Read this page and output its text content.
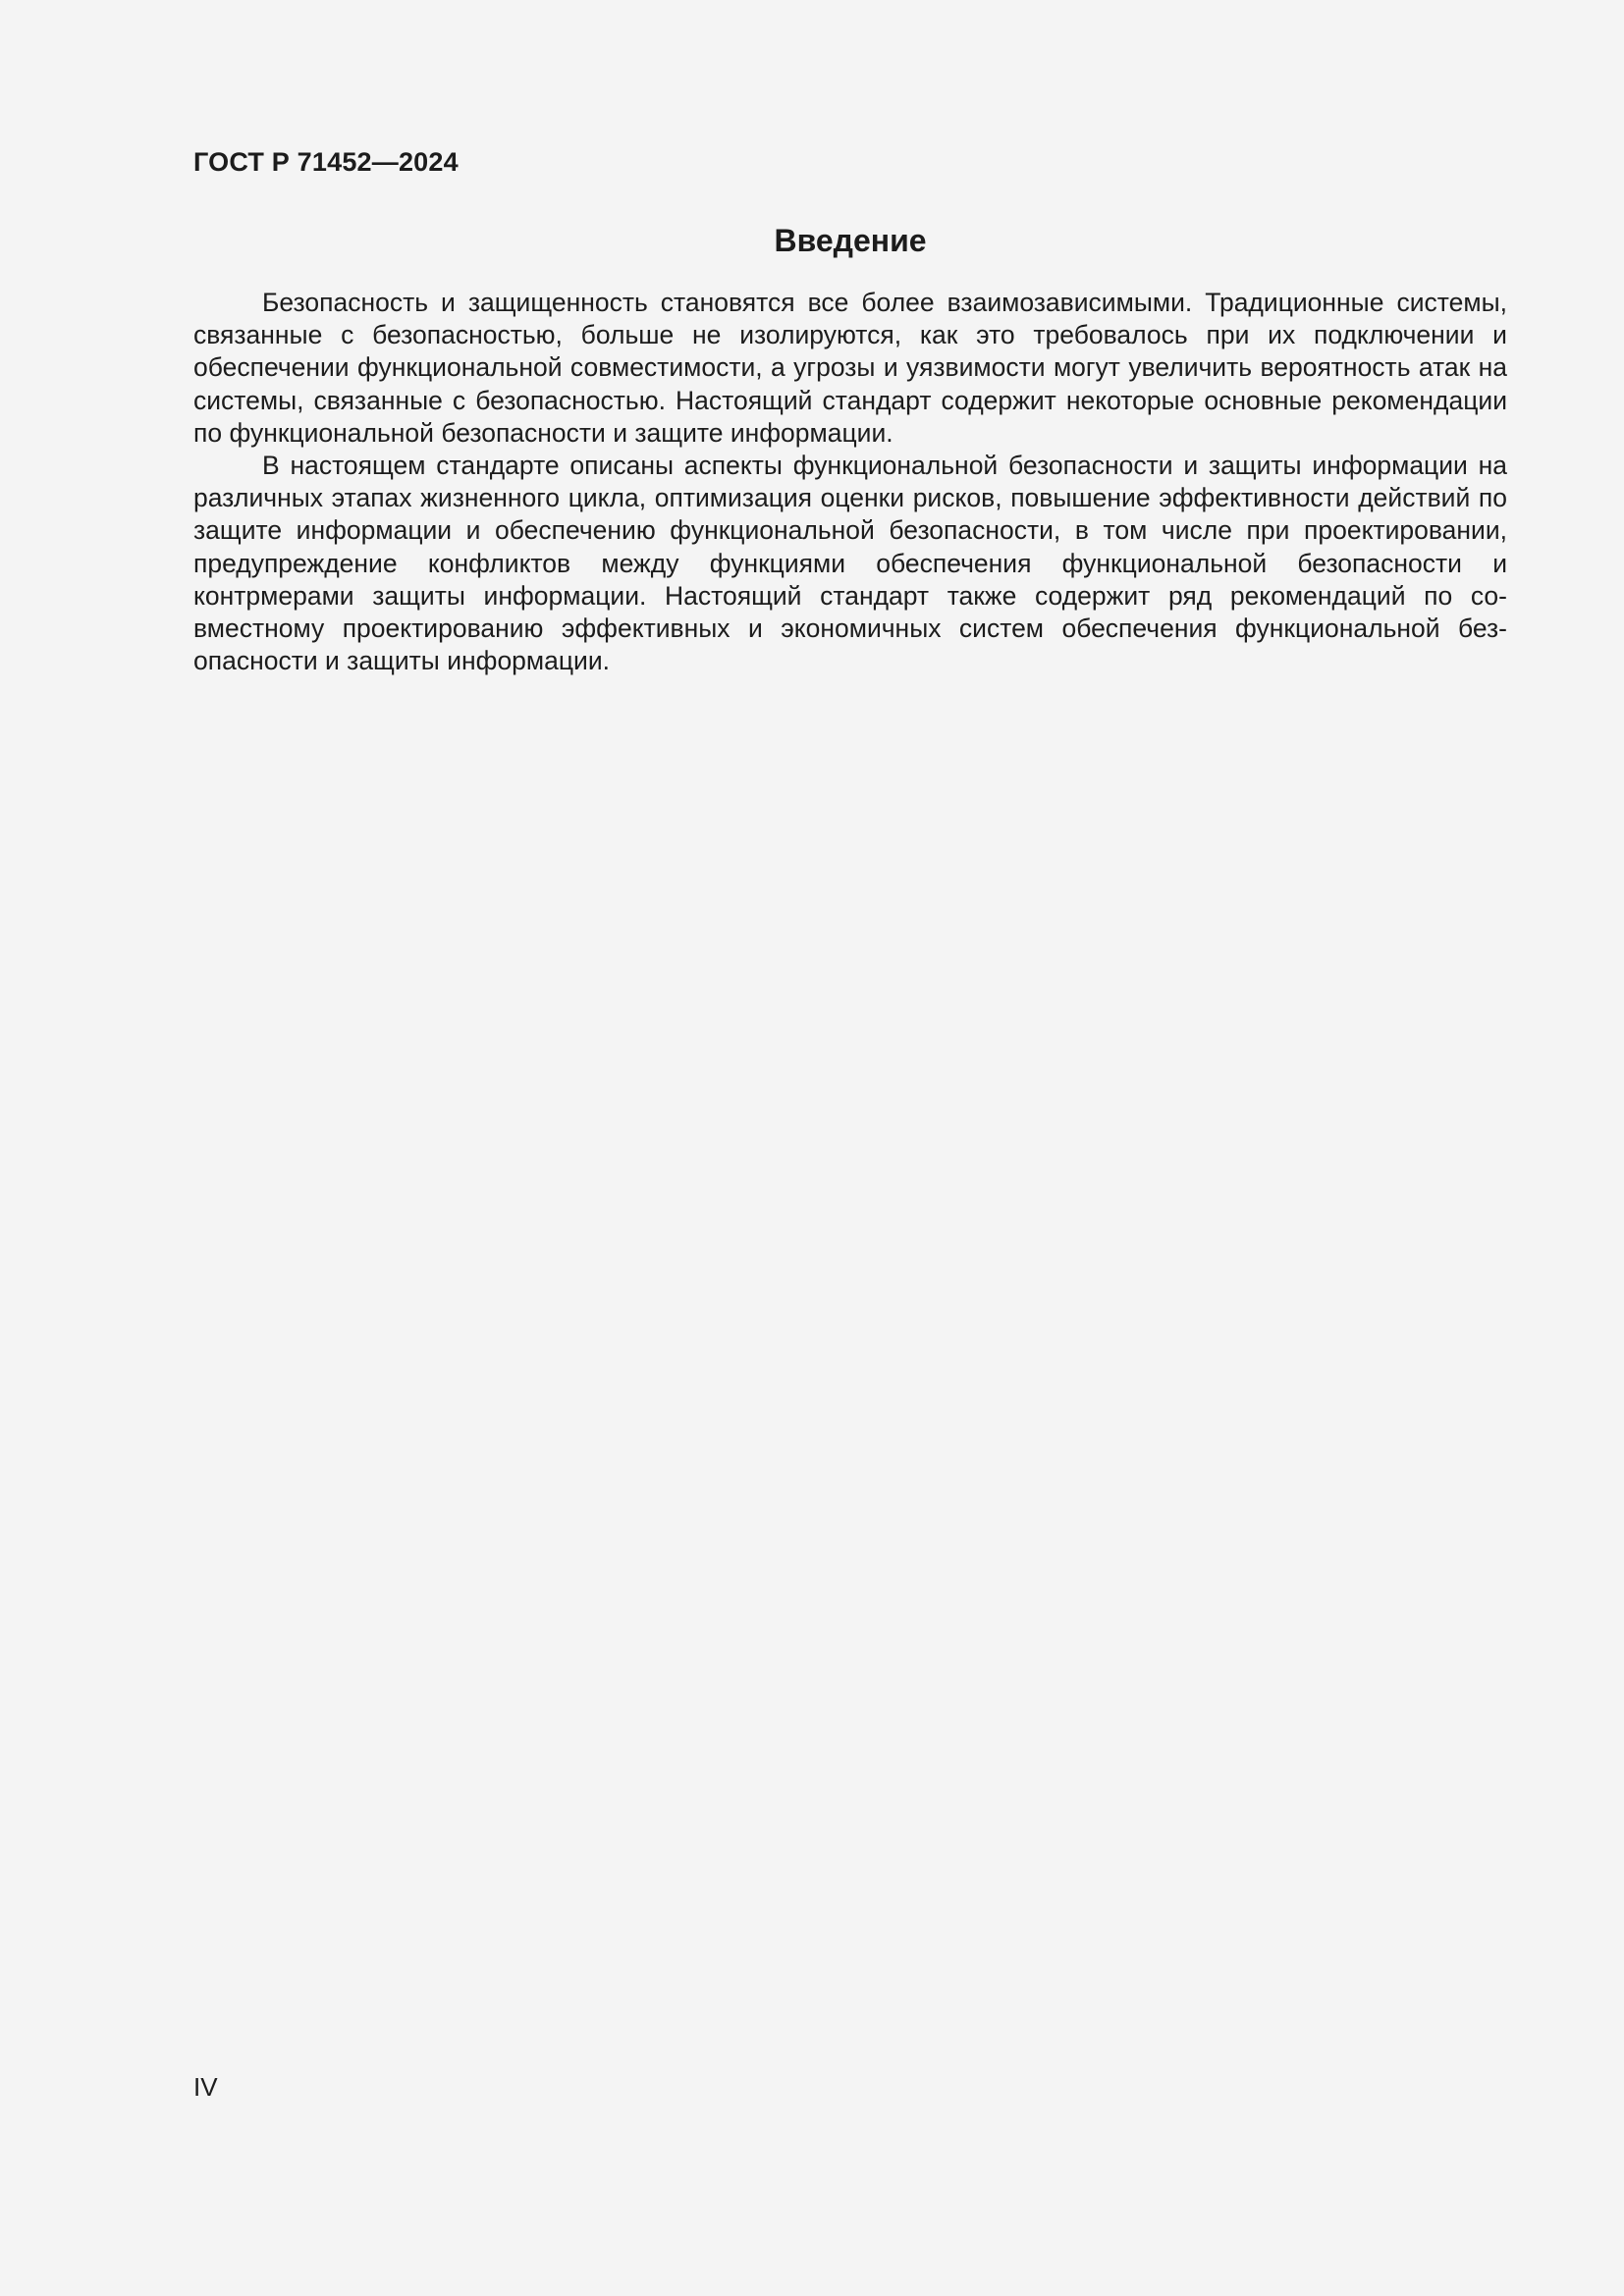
ГОСТ Р 71452—2024
Введение

Безопасность и защищенность становятся все более взаимозависимыми. Традиционные системы, связанные с безопасностью, больше не изолируются, как это требовалось при их подключении и обеспечении функциональной совместимости, а угрозы и уязвимости могут увеличить вероятность атак на системы, связанные с безопасностью. Настоящий стандарт содержит некоторые основные рекомендации по функциональной безопасности и защите информации.

В настоящем стандарте описаны аспекты функциональной безопасности и защиты информации на различных этапах жизненного цикла, оптимизация оценки рисков, повышение эффективности действий по защите информации и обеспечению функциональной безопасности, в том числе при проектировании, предупреждение конфликтов между функциями обеспечения функциональной безопасности и контрмерами защиты информации. Настоящий стандарт также содержит ряд рекомендаций по совместному проектированию эффективных и экономичных систем обеспечения функциональной безопасности и защиты информации.

IV
